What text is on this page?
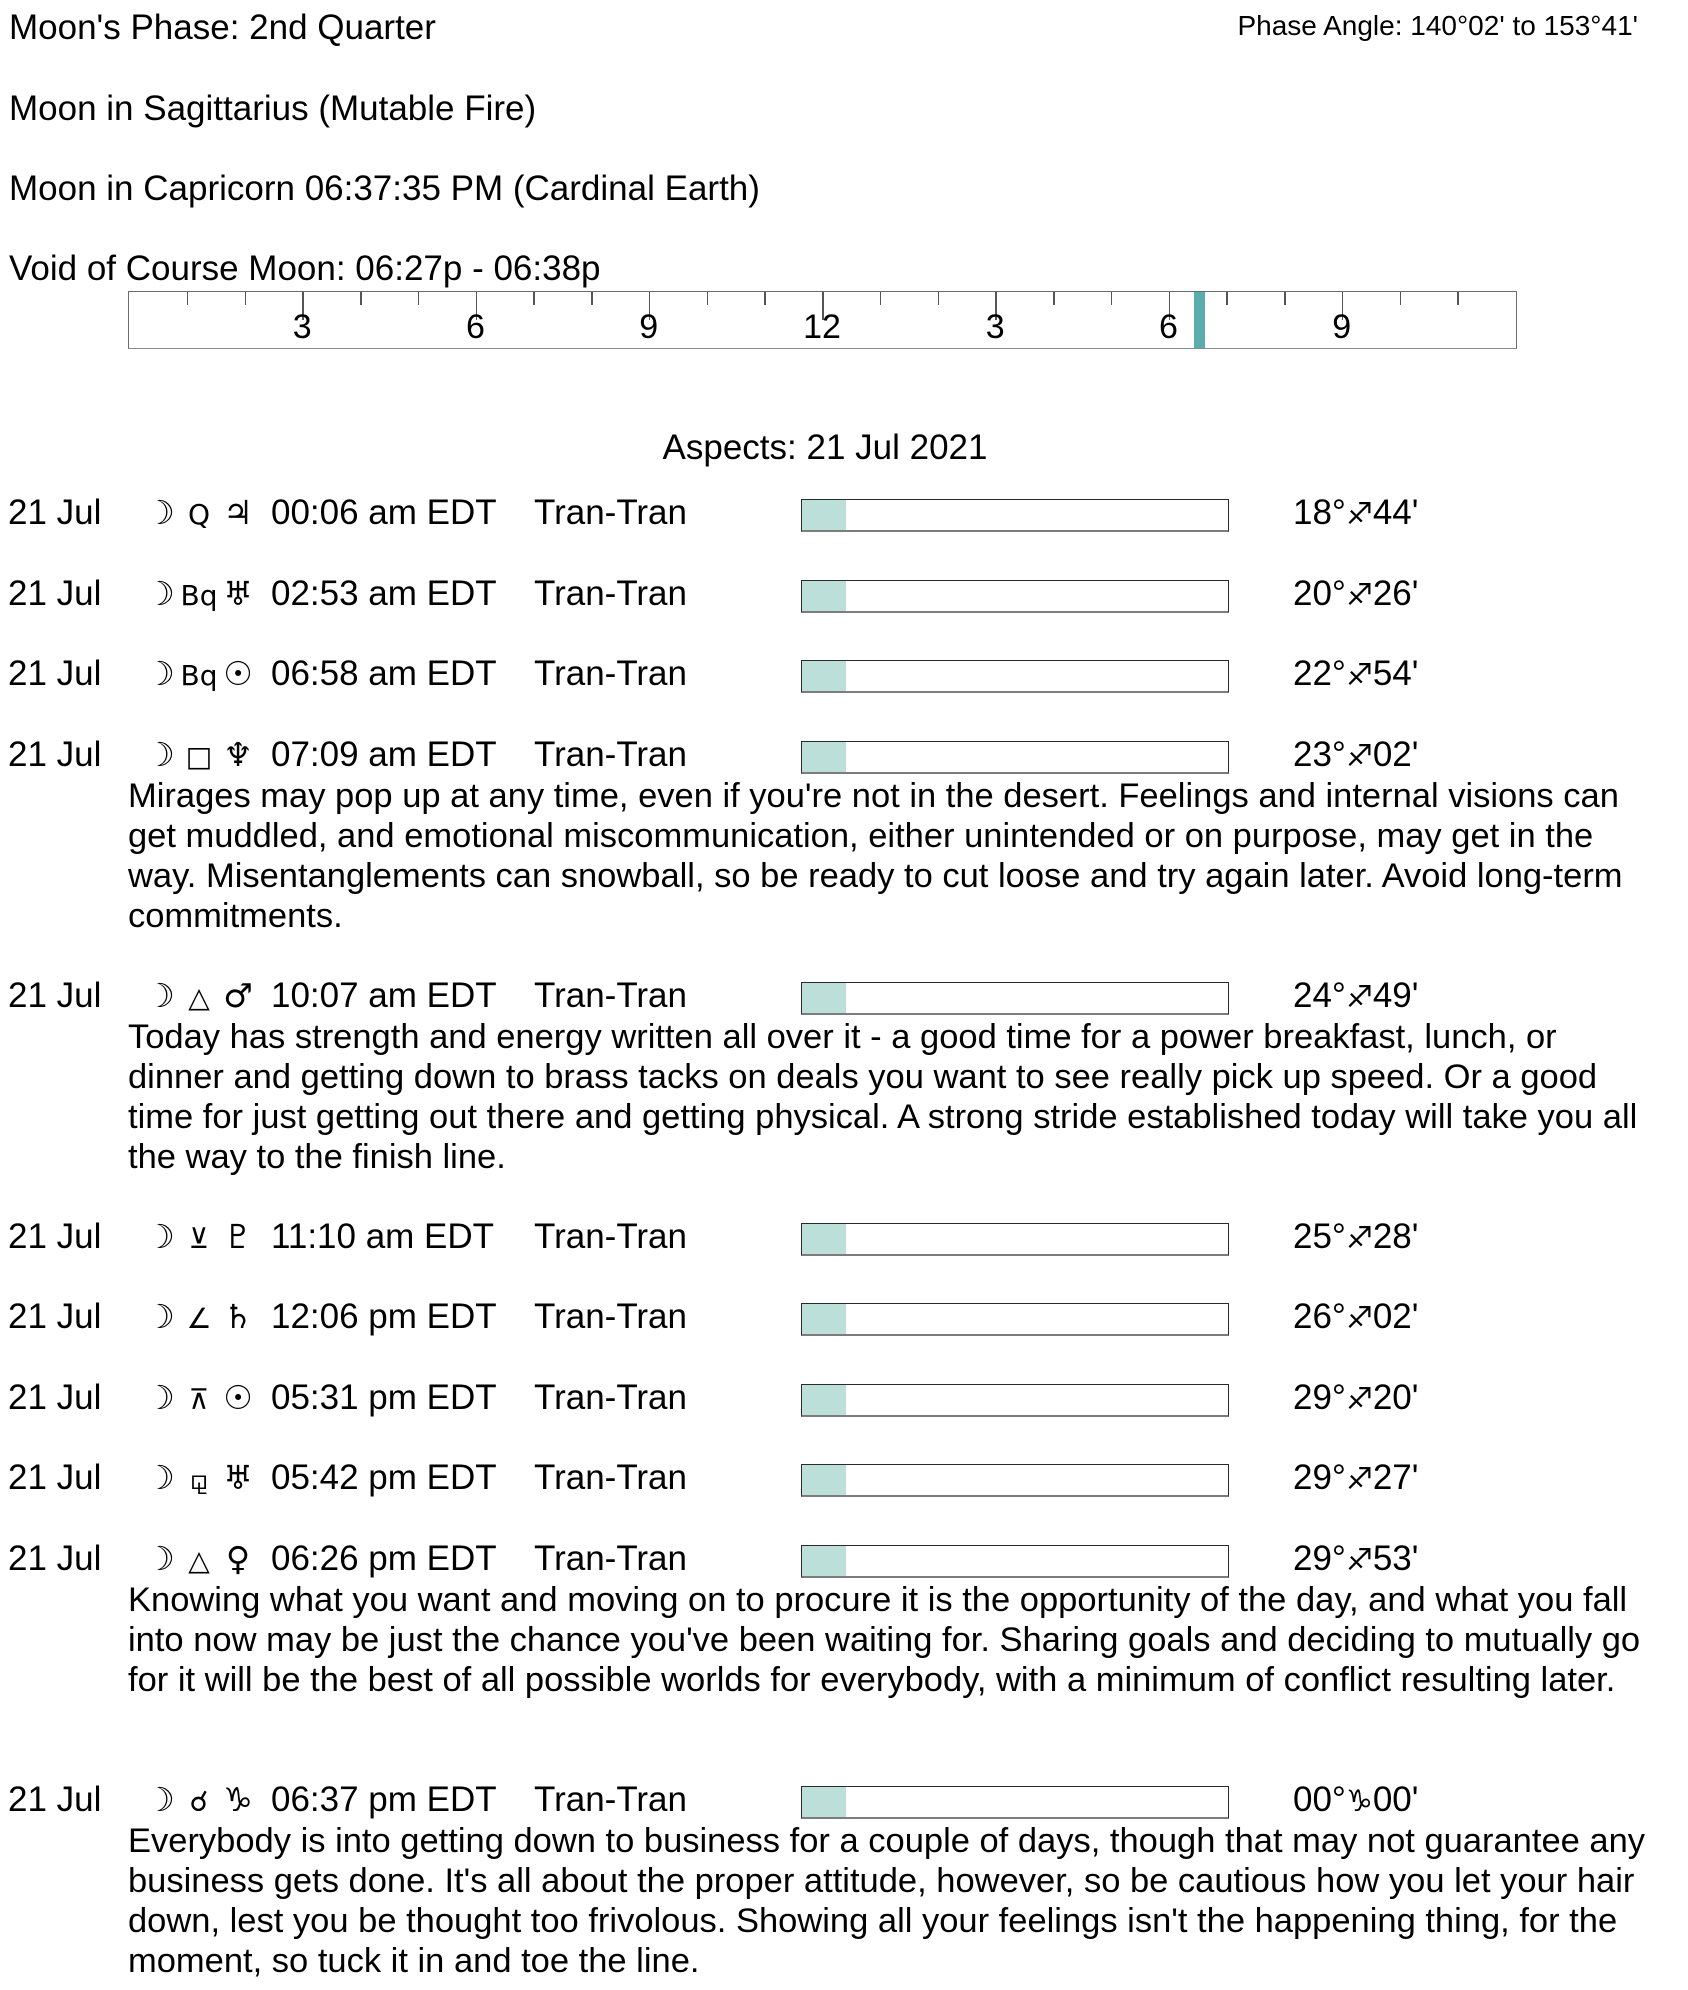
Moon's Phase: 2nd Quarter	Phase Angle: 140°02' to 153°41'
Moon in Sagittarius (Mutable Fire)
Moon in Capricorn 06:37:35 PM (Cardinal Earth)
Void of Course Moon: 06:27p - 06:38p
3	6	9	12	3	6	9
Aspects: 21 Jul 2021
21 Jul ☽ Q ♃ 00:06 am EDT Tran-Tran	18°♐44'
21 Jul ☽ Bq ♅ 02:53 am EDT Tran-Tran	20°♐26'
21 Jul ☽ Bq ☉ 06:58 am EDT Tran-Tran	22°♐54'
21 Jul ☽ □ ♆ 07:09 am EDT Tran-Tran	23°♐02'
Mirages may pop up at any time, even if you're not in the desert. Feelings and internal visions can get muddled, and emotional miscommunication, either unintended or on purpose, may get in the way. Misentanglements can snowball, so be ready to cut loose and try again later. Avoid long-term commitments.
21 Jul ☽ △ ♂ 10:07 am EDT Tran-Tran	24°♐49'
Today has strength and energy written all over it - a good time for a power breakfast, lunch, or dinner and getting down to brass tacks on deals you want to see really pick up speed. Or a good time for just getting out there and getting physical. A strong stride established today will take you all the way to the finish line.
21 Jul ☽ ⊻ ♇ 11:10 am EDT Tran-Tran	25°♐28'
21 Jul ☽ ∠ ♄ 12:06 pm EDT Tran-Tran	26°♐02'
21 Jul ☽ ⊼ ☉ 05:31 pm EDT Tran-Tran	29°♐20'
21 Jul ☽ ⚼ ♅ 05:42 pm EDT Tran-Tran	29°♐27'
21 Jul ☽ △ ♀ 06:26 pm EDT Tran-Tran	29°♐53'
Knowing what you want and moving on to procure it is the opportunity of the day, and what you fall into now may be just the chance you've been waiting for. Sharing goals and deciding to mutually go for it will be the best of all possible worlds for everybody, with a minimum of conflict resulting later.
21 Jul ☽ ☌ ♑ 06:37 pm EDT Tran-Tran	00°♑00'
Everybody is into getting down to business for a couple of days, though that may not guarantee any business gets done. It's all about the proper attitude, however, so be cautious how you let your hair down, lest you be thought too frivolous. Showing all your feelings isn't the happening thing, for the moment, so tuck it in and toe the line.
